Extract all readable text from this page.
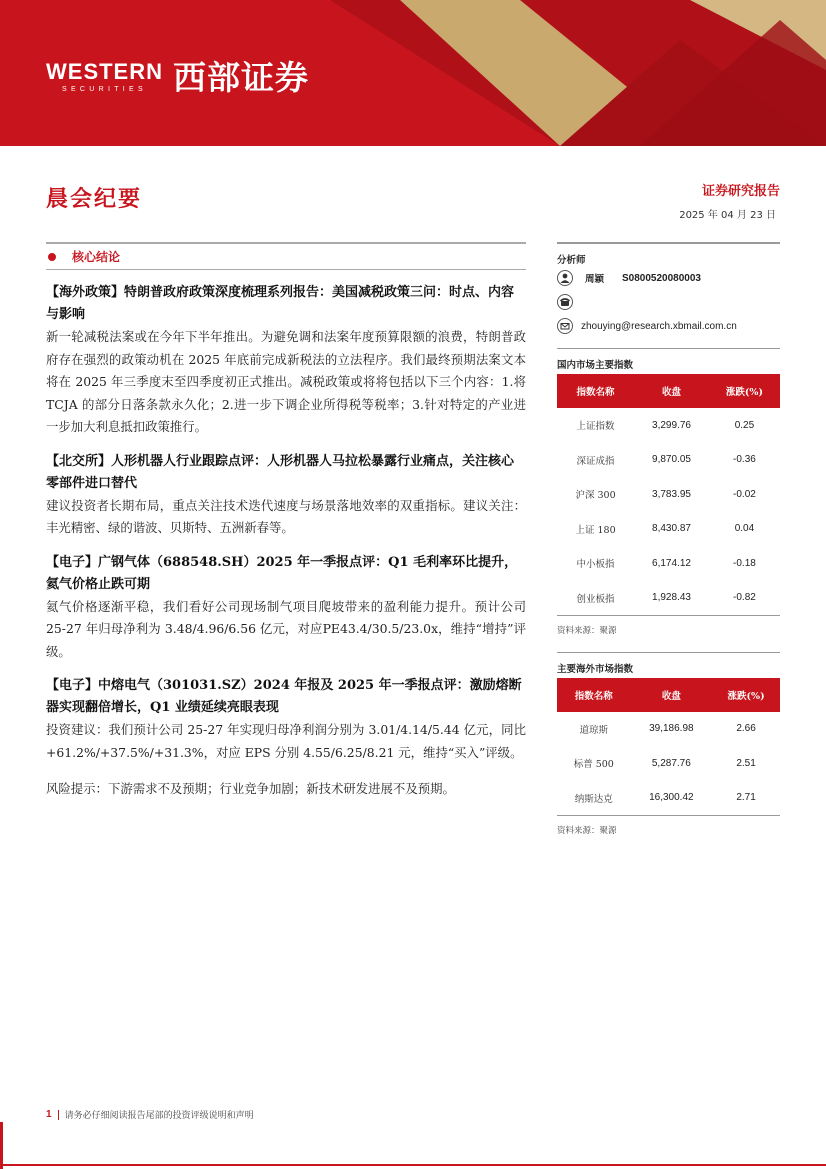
WESTERN
SECURITIES 西部证券
晨会纪要	证券研究报告
2025 年 04 月 23 日
核心结论
【海外政策】特朗普政府政策深度梳理系列报告：美国减税政策三问：时点、内容与影响
新一轮减税法案或在今年下半年推出。为避免调和法案年度预算限额的浪费，特朗普政府存在强烈的政策动机在 2025 年底前完成新税法的立法程序。我们最终预期法案文本将在 2025 年三季度末至四季度初正式推出。减税政策或将将包括以下三个内容：1.将 TCJA 的部分日落条款永久化；2.进一步下调企业所得税等税率；3.针对特定的产业进一步加大利息抵扣政策推行。
【北交所】人形机器人行业跟踪点评：人形机器人马拉松暴露行业痛点，关注核心零部件进口替代
建议投资者长期布局，重点关注技术迭代速度与场景落地效率的双重指标。建议关注：丰光精密、绿的谐波、贝斯特、五洲新春等。
【电子】广钢气体（688548.SH）2025 年一季报点评：Q1 毛利率环比提升，氦气价格止跌可期
氦气价格逐渐平稳，我们看好公司现场制气项目爬坡带来的盈利能力提升。预计公司 25-27 年归母净利为 3.48/4.96/6.56 亿元，对应PE43.4/30.5/23.0x，维持“增持”评级。
【电子】中熔电气（301031.SZ）2024 年报及 2025 年一季报点评：激励熔断器实现翻倍增长，Q1 业绩延续亮眼表现
投资建议：我们预计公司 25-27 年实现归母净利润分别为 3.01/4.14/5.44 亿元，同比+61.2%/+37.5%/+31.3%，对应 EPS 分别 4.55/6.25/8.21 元，维持“买入”评级。
风险提示：下游需求不及预期；行业竞争加剧；新技术研发进展不及预期。
分析师
周颖 S0800520080003
zhouying@research.xbmail.com.cn
国内市场主要指数
指数名称	收盘	涨跌(%)
上证指数	3,299.76	0.25
深证成指	9,870.05	-0.36
沪深 300	3,783.95	-0.02
上证 180	8,430.87	0.04
中小板指	6,174.12	-0.18
创业板指	1,928.43	-0.82
资料来源：聚源
主要海外市场指数
指数名称	收盘	涨跌(%)
道琼斯	39,186.98	2.66
标普 500	5,287.76	2.51
纳斯达克	16,300.42	2.71
资料来源：聚源
1 请务必仔细阅读报告尾部的投资评级说明和声明
